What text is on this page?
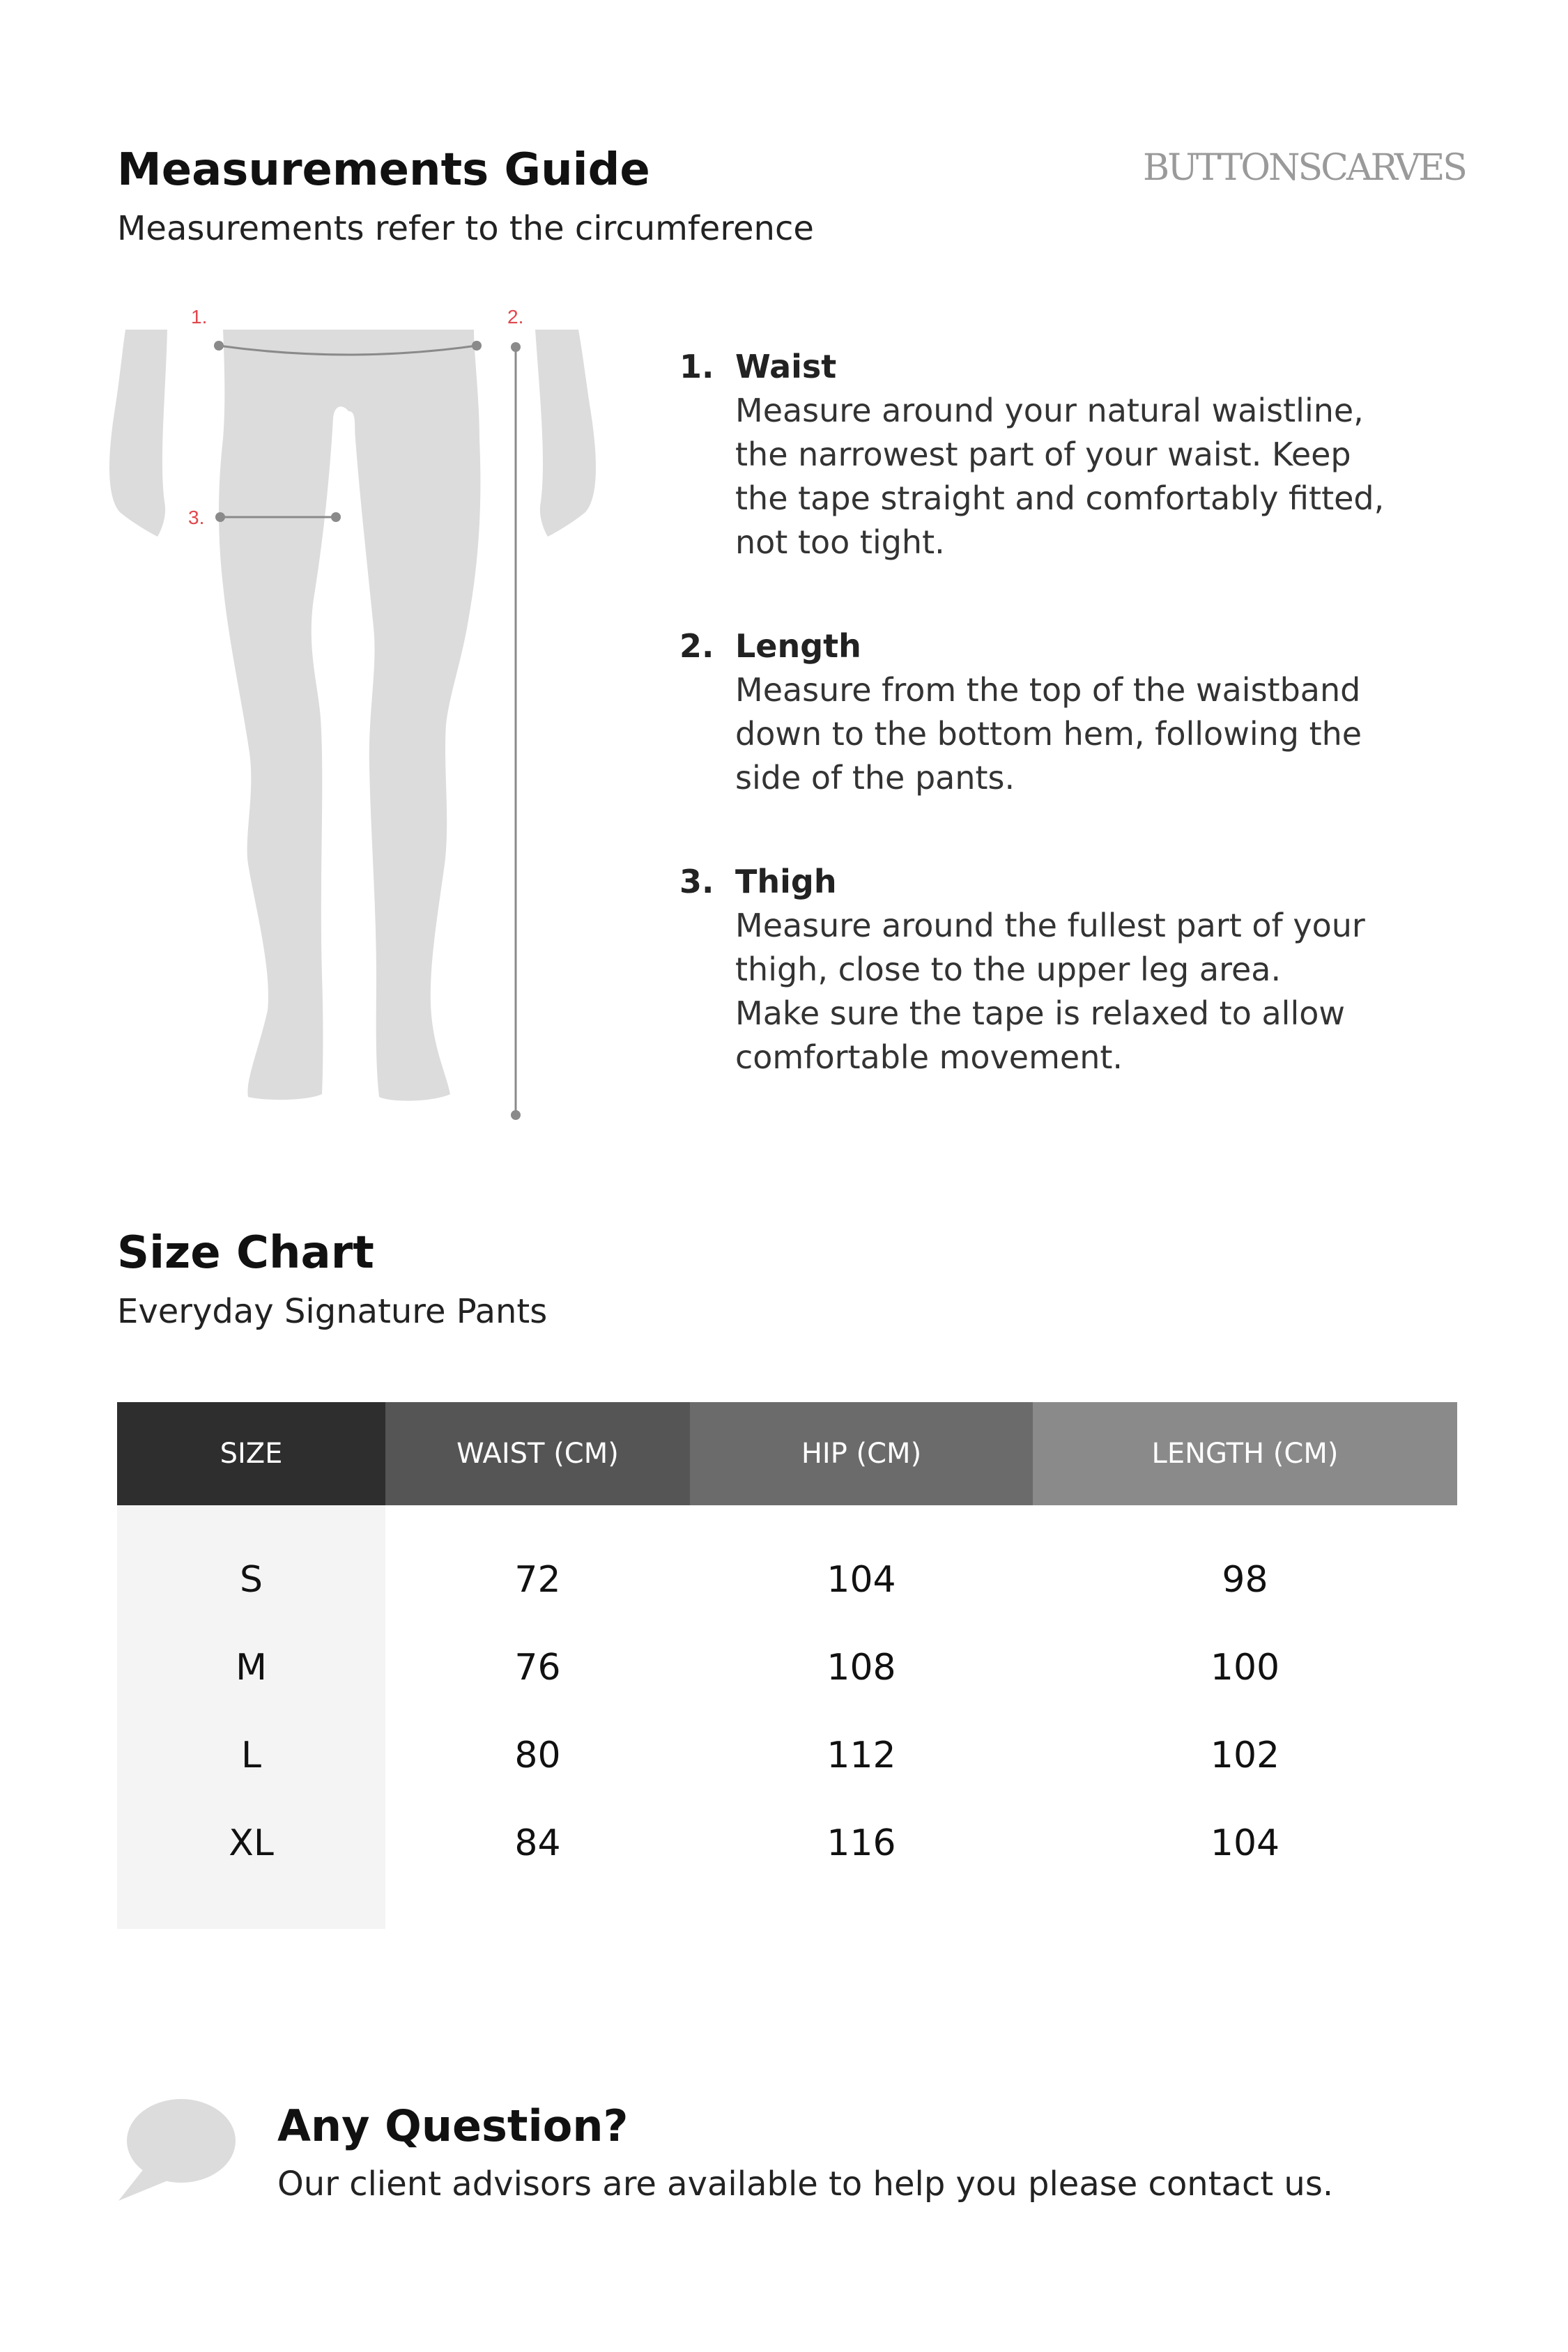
Measurements Guide
Measurements refer to the circumference
BUTTONSCARVES
1.	2.
3.
1. Waist
Measure around your natural waistline,
the narrowest part of your waist. Keep
the tape straight and comfortably fitted,
not too tight.
2. Length
Measure from the top of the waistband
down to the bottom hem, following the
side of the pants.
3. Thigh
Measure around the fullest part of your
thigh, close to the upper leg area.
Make sure the tape is relaxed to allow
comfortable movement.
Size Chart
Everyday Signature Pants
SIZE	WAIST (CM)	HIP (CM)	LENGTH (CM)
S	72	104	98
M	76	108	100
L	80	112	102
XL	84	116	104
Any Question?
Our client advisors are available to help you please contact us.
